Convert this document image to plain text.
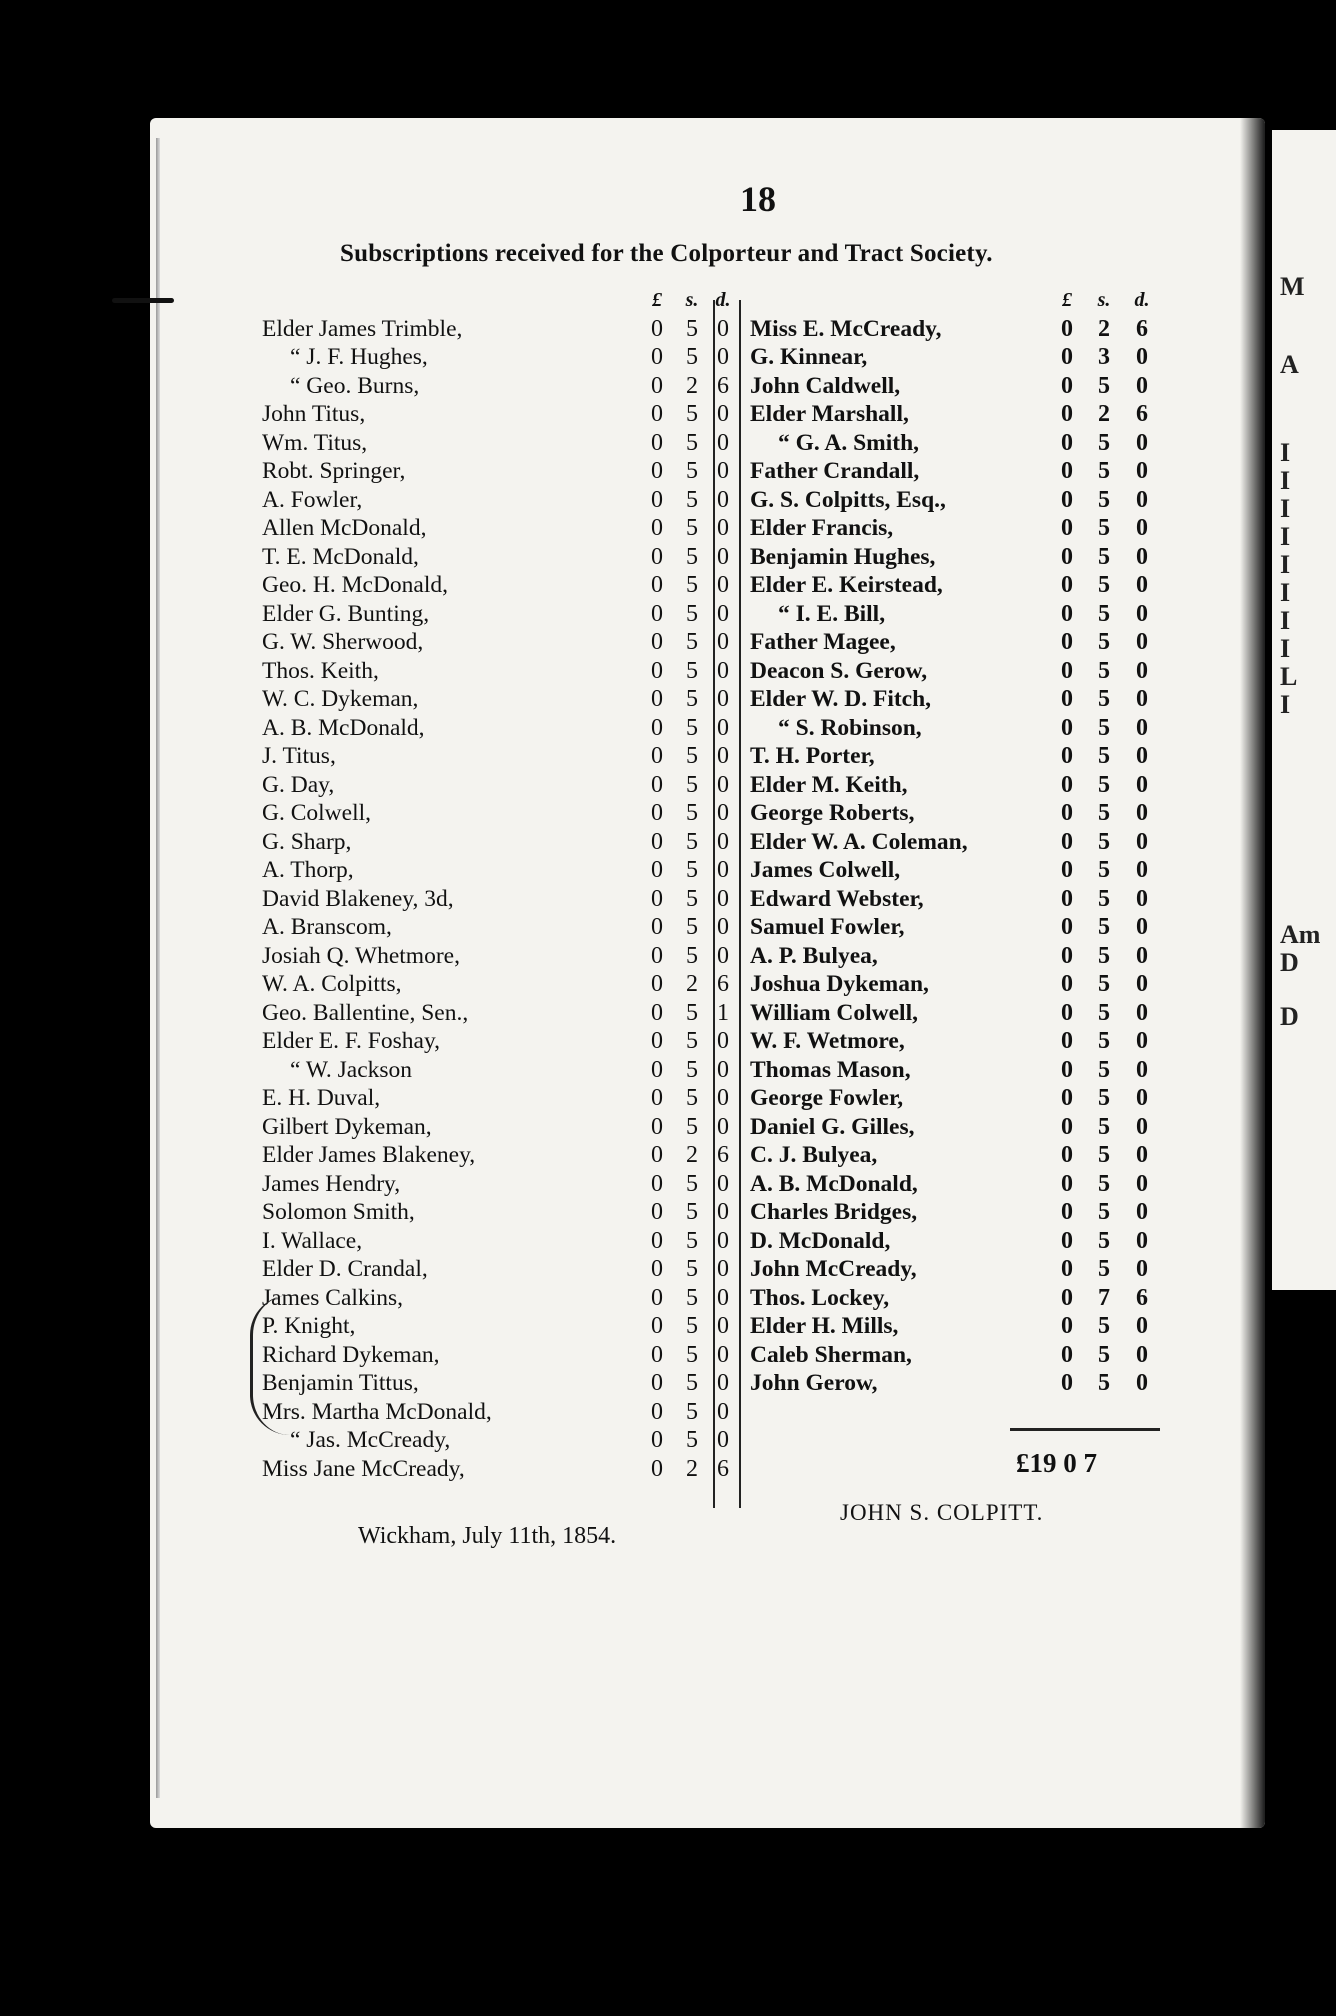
18
Subscriptions received for the Colporteur and Tract Society.
£	s. d.
Elder James Trimble,	0 5 0
“ J. F. Hughes,	0 5 0
“ Geo. Burns,	0 2 6
John Titus,	0 5 0
Wm. Titus,	0 5 0
Robt. Springer,	0 5 0
A. Fowler,	0 5 0
Allen McDonald,	0 5 0
T. E. McDonald,	0 5 0
Geo. H. McDonald,	0 5 0
Elder G. Bunting,	0 5 0
G. W. Sherwood,	0 5 0
Thos. Keith,	0 5 0
W. C. Dykeman,	0 5 0
A. B. McDonald,	0 5 0
J. Titus,	0 5 0
G. Day,	0 5 0
G. Colwell,	0 5 0
G. Sharp,	0 5 0
A. Thorp,	0 5 0
David Blakeney, 3d,	0 5 0
A. Branscom,	0 5 0
Josiah Q. Whetmore,	0 5 0
W. A. Colpitts,	0 2 6
Geo. Ballentine, Sen.,	0 5 1
Elder E. F. Foshay,	0 5 0
“ W. Jackson	0 5 0
E. H. Duval,	0 5 0
Gilbert Dykeman,	0 5 0
Elder James Blakeney,	0 2 6
James Hendry,	0 5 0
Solomon Smith,	0 5 0
I. Wallace,	0 5 0
Elder D. Crandal,	0 5 0
James Calkins,	0 5 0
P. Knight,	0 5 0
Richard Dykeman,	0 5 0
Benjamin Tittus,	0 5 0
Mrs. Martha McDonald,	0 5 0
“ Jas. McCready,	0 5 0
Miss Jane McCready,	0 2 6
£	s. d.
Miss E. McCready,	0 2 6
G. Kinnear,	0 3 0
John Caldwell,	0 5 0
Elder Marshall,	0 2 6
“ G. A. Smith,	0 5 0
Father Crandall,	0 5 0
G. S. Colpitts, Esq.,	0 5 0
Elder Francis,	0 5 0
Benjamin Hughes,	0 5 0
Elder E. Keirstead,	0 5 0
“ I. E. Bill,	0 5 0
Father Magee,	0 5 0
Deacon S. Gerow,	0 5 0
Elder W. D. Fitch,	0 5 0
“ S. Robinson,	0 5 0
T. H. Porter,	0 5 0
Elder M. Keith,	0 5 0
George Roberts,	0 5 0
Elder W. A. Coleman,	0 5 0
James Colwell,	0 5 0
Edward Webster,	0 5 0
Samuel Fowler,	0 5 0
A. P. Bulyea,	0 5 0
Joshua Dykeman,	0 5 0
William Colwell,	0 5 0
W. F. Wetmore,	0 5 0
Thomas Mason,	0 5 0
George Fowler,	0 5 0
Daniel G. Gilles,	0 5 0
C. J. Bulyea,	0 5 0
A. B. McDonald,	0 5 0
Charles Bridges,	0 5 0
D. McDonald,	0 5 0
John McCready,	0 5 0
Thos. Lockey,	0 7 6
Elder H. Mills,	0 5 0
Caleb Sherman,	0 5 0
John Gerow,	0 5 0
£19 0 7
JOHN S. COLPITT.
Wickham, July 11th, 1854.
M
A
I
I
I
I
I
I
I
I
L
I
Am
D
D
